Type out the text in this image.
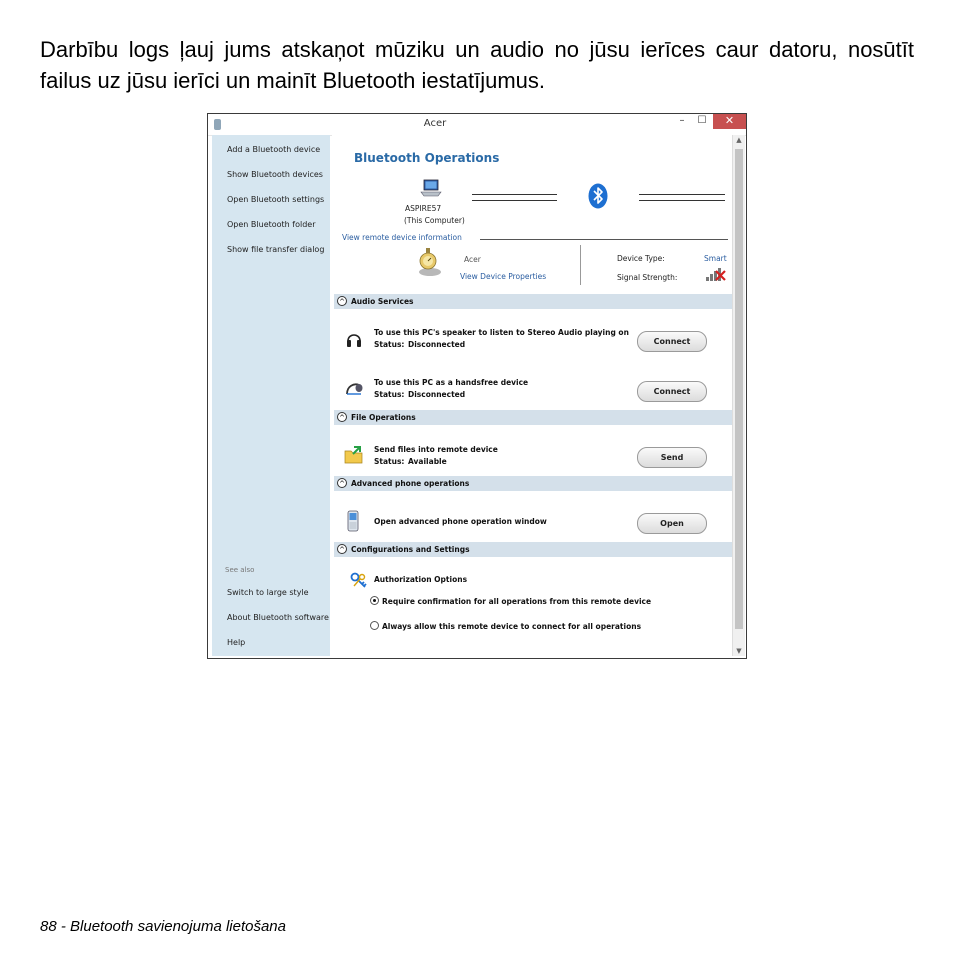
Darbību logs ļauj jums atskaņot mūziku un audio no jūsu ierīces caur datoru, nosūtīt failus uz jūsu ierīci un mainīt Bluetooth iestatījumus.
Acer	–	☐	✕
Add a Bluetooth device
Show Bluetooth devices
Open Bluetooth settings
Open Bluetooth folder
Show file transfer dialog
See also
Switch to large style
About Bluetooth software
Help
Bluetooth Operations
ASPIRE57
(This Computer)
View remote device information
Acer
View Device Properties
Device Type:	Smart
Signal Strength:
^ Audio Services
To use this PC's speaker to listen to Stereo Audio playing on
Status: Disconnected	Connect
To use this PC as a handsfree device
Status: Disconnected	Connect
^ File Operations
Send files into remote device
Status: Available	Send
^ Advanced phone operations
Open advanced phone operation window	Open
^ Configurations and Settings
Authorization Options
Require confirmation for all operations from this remote device
Always allow this remote device to connect for all operations
▲
▼
88 - Bluetooth savienojuma lietošana
